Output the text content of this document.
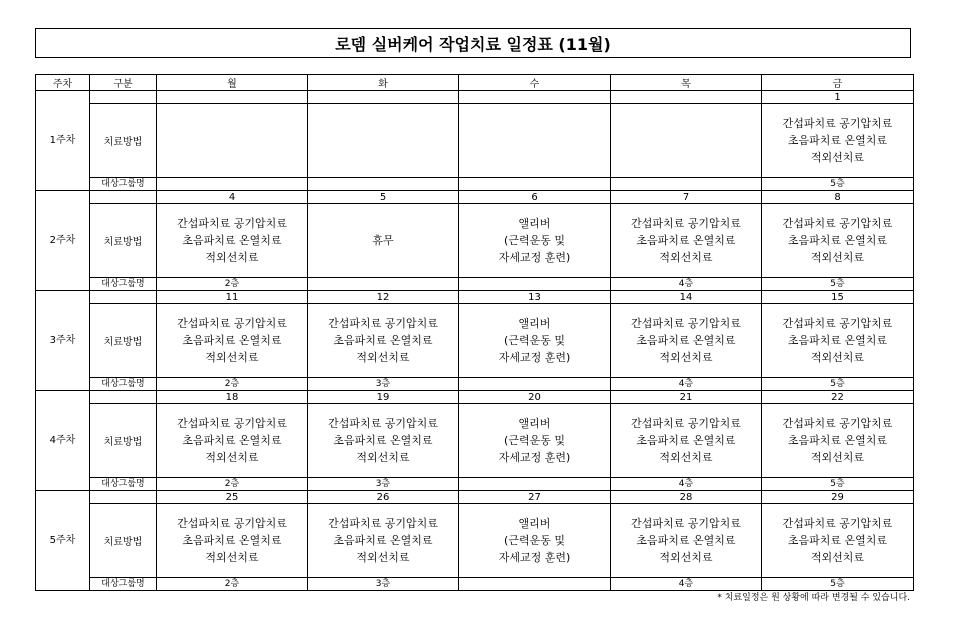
로뎀 실버케어 작업치료 일정표 (11월)
주차	구분	월	화	수	목	금
1주차						1
	치료방법					간섭파치료 공기압치료
초음파치료 온열치료
적외선치료

	대상그룹명					5층
2주차		4	5	6	7	8
	치료방법	간섭파치료 공기압치료
초음파치료 온열치료
적외선치료	휴무	앨리버
(근력운동 및
자세교정 훈련)	간섭파치료 공기압치료
초음파치료 온열치료
적외선치료	간섭파치료 공기압치료
초음파치료 온열치료
적외선치료

	대상그룹명	2층			4층	5층
3주차		11	12	13	14	15
	치료방법	간섭파치료 공기압치료
초음파치료 온열치료
적외선치료	간섭파치료 공기압치료
초음파치료 온열치료
적외선치료	앨리버
(근력운동 및
자세교정 훈련)	간섭파치료 공기압치료
초음파치료 온열치료
적외선치료	간섭파치료 공기압치료
초음파치료 온열치료
적외선치료

	대상그룹명	2층	3층		4층	5층
4주차		18	19	20	21	22
	치료방법	간섭파치료 공기압치료
초음파치료 온열치료
적외선치료	간섭파치료 공기압치료
초음파치료 온열치료
적외선치료	앨리버
(근력운동 및
자세교정 훈련)	간섭파치료 공기압치료
초음파치료 온열치료
적외선치료	간섭파치료 공기압치료
초음파치료 온열치료
적외선치료

	대상그룹명	2층	3층		4층	5층
5주차		25	26	27	28	29
	치료방법	간섭파치료 공기압치료
초음파치료 온열치료
적외선치료	간섭파치료 공기압치료
초음파치료 온열치료
적외선치료	앨리버
(근력운동 및
자세교정 훈련)	간섭파치료 공기압치료
초음파치료 온열치료
적외선치료	간섭파치료 공기압치료
초음파치료 온열치료
적외선치료

	대상그룹명	2층	3층		4층	5층
* 치료일정은 원 상황에 따라 변경될 수 있습니다.
